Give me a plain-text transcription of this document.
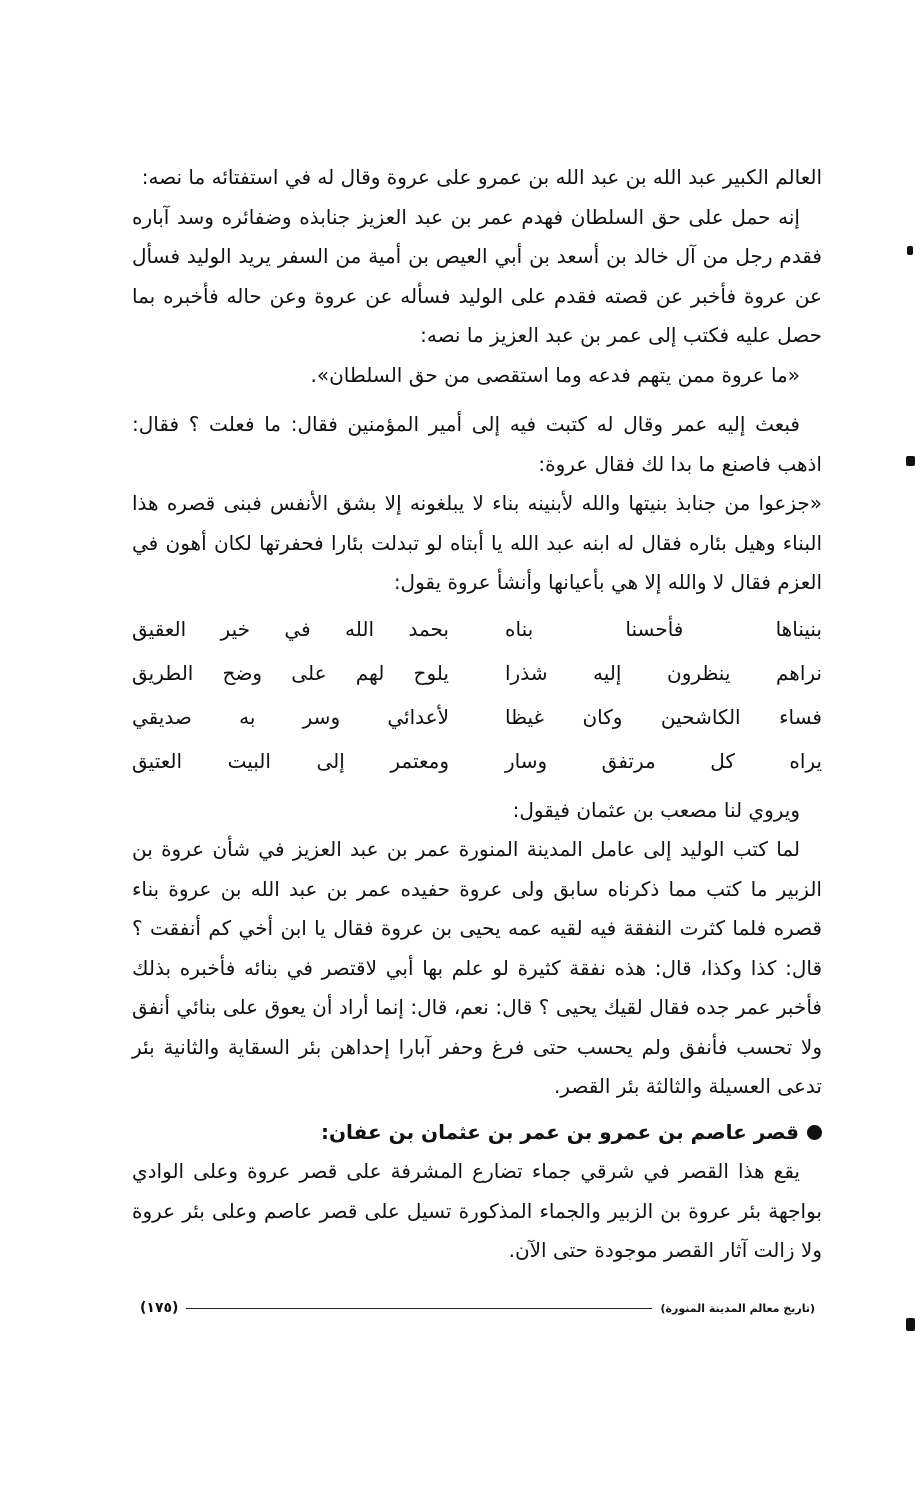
العالم الكبير عبد الله بن عبد الله بن عمرو على عروة وقال له في استفتائه ما نصه:

إنه حمل على حق السلطان فهدم عمر بن عبد العزيز جنابذه وضفائره وسد آباره فقدم رجل من آل خالد بن أسعد بن أبي العيص بن أمية من السفر يريد الوليد فسأل عن عروة فأخبر عن قصته فقدم على الوليد فسأله عن عروة وعن حاله فأخبره بما حصل عليه فكتب إلى عمر بن عبد العزيز ما نصه:

«ما عروة ممن يتهم فدعه وما استقصى من حق السلطان».

فبعث إليه عمر وقال له كتبت فيه إلى أمير المؤمنين فقال: ما فعلت ؟ فقال: اذهب فاصنع ما بدا لك فقال عروة:

«جزعوا من جنابذ بنيتها والله لأبنينه بناء لا يبلغونه إلا بشق الأنفس فبنى قصره هذا البناء وهيل بئاره فقال له ابنه عبد الله يا أبتاه لو تبدلت بئارا فحفرتها لكان أهون في العزم فقال لا والله إلا هي بأعيانها وأنشأ عروة يقول:

بنيناها فأحسنا بناه
بحمد الله في خير العقيق
نراهم ينظرون إليه شذرا
يلوح لهم على وضح الطريق
فساء الكاشحين وكان غيظا
لأعدائي وسر به صديقي
يراه كل مرتفق وسار
ومعتمر إلى البيت العتيق

ويروي لنا مصعب بن عثمان فيقول:

لما كتب الوليد إلى عامل المدينة المنورة عمر بن عبد العزيز في شأن عروة بن الزبير ما كتب مما ذكرناه سابق ولى عروة حفيده عمر بن عبد الله بن عروة بناء قصره فلما كثرت النفقة فيه لقيه عمه يحيى بن عروة فقال يا ابن أخي كم أنفقت ؟ قال: كذا وكذا، قال: هذه نفقة كثيرة لو علم بها أبي لاقتصر في بنائه فأخبره بذلك فأخبر عمر جده فقال لقيك يحيى ؟ قال: نعم، قال: إنما أراد أن يعوق على بنائي أنفق ولا تحسب فأنفق ولم يحسب حتى فرغ وحفر آبارا إحداهن بئر السقاية والثانية بئر تدعى العسيلة والثالثة بئر القصر.

قصر عاصم بن عمرو بن عمر بن عثمان بن عفان:

يقع هذا القصر في شرقي جماء تضارع المشرفة على قصر عروة وعلى الوادي بواجهة بئر عروة بن الزبير والجماء المذكورة تسيل على قصر عاصم وعلى بئر عروة ولا زالت آثار القصر موجودة حتى الآن.

(تاريخ معالم المدينة المنورة)
(١٧٥)
